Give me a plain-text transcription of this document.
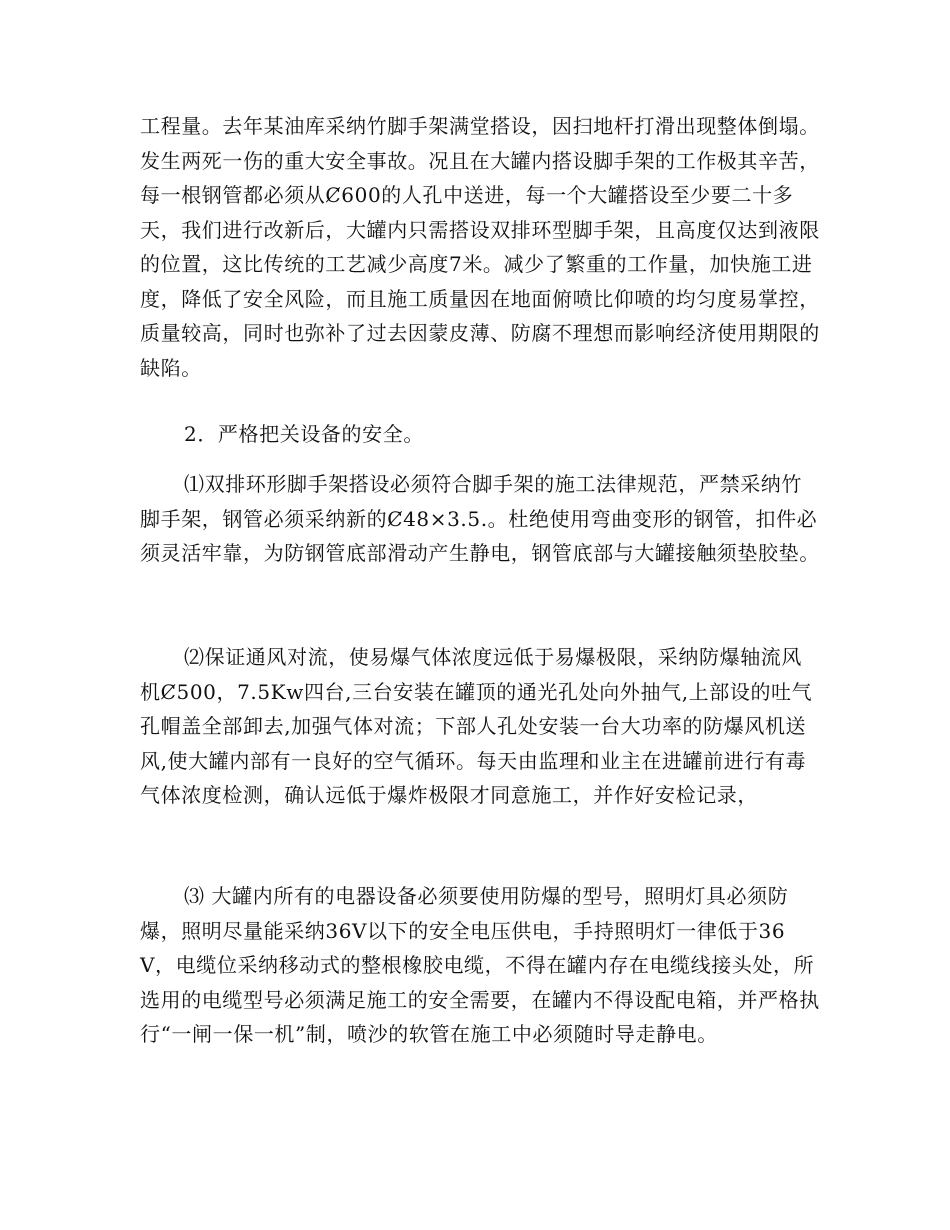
工程量。去年某油库采纳竹脚手架满堂搭设，因扫地杆打滑出现整体倒塌。发生两死一伤的重大安全事故。况且在大罐内搭设脚手架的工作极其辛苦，每一根钢管都必须从Ȼ600的人孔中送进，每一个大罐搭设至少要二十多天，我们进行改新后，大罐内只需搭设双排环型脚手架，且高度仅达到液限的位置，这比传统的工艺减少高度7米。减少了繁重的工作量，加快施工进度，降低了安全风险，而且施工质量因在地面俯喷比仰喷的均匀度易掌控，质量较高，同时也弥补了过去因蒙皮薄、防腐不理想而影响经济使用期限的缺陷。

2．严格把关设备的安全。

⑴双排环形脚手架搭设必须符合脚手架的施工法律规范，严禁采纳竹脚手架，钢管必须采纳新的Ȼ48×3.5.。杜绝使用弯曲变形的钢管，扣件必须灵活牢靠，为防钢管底部滑动产生静电，钢管底部与大罐接触须垫胶垫。

⑵保证通风对流，使易爆气体浓度远低于易爆极限，采纳防爆轴流风机Ȼ500，7.5Kw四台,三台安装在罐顶的通光孔处向外抽气,上部设的吐气孔帽盖全部卸去,加强气体对流；下部人孔处安装一台大功率的防爆风机送风,使大罐内部有一良好的空气循环。每天由监理和业主在进罐前进行有毒气体浓度检测，确认远低于爆炸极限才同意施工，并作好安检记录，

⑶ 大罐内所有的电器设备必须要使用防爆的型号，照明灯具必须防爆，照明尽量能采纳36V以下的安全电压供电，手持照明灯一律低于36V，电缆位采纳移动式的整根橡胶电缆，不得在罐内存在电缆线接头处，所选用的电缆型号必须满足施工的安全需要，在罐内不得设配电箱，并严格执行“一闸一保一机”制，喷沙的软管在施工中必须随时导走静电。
